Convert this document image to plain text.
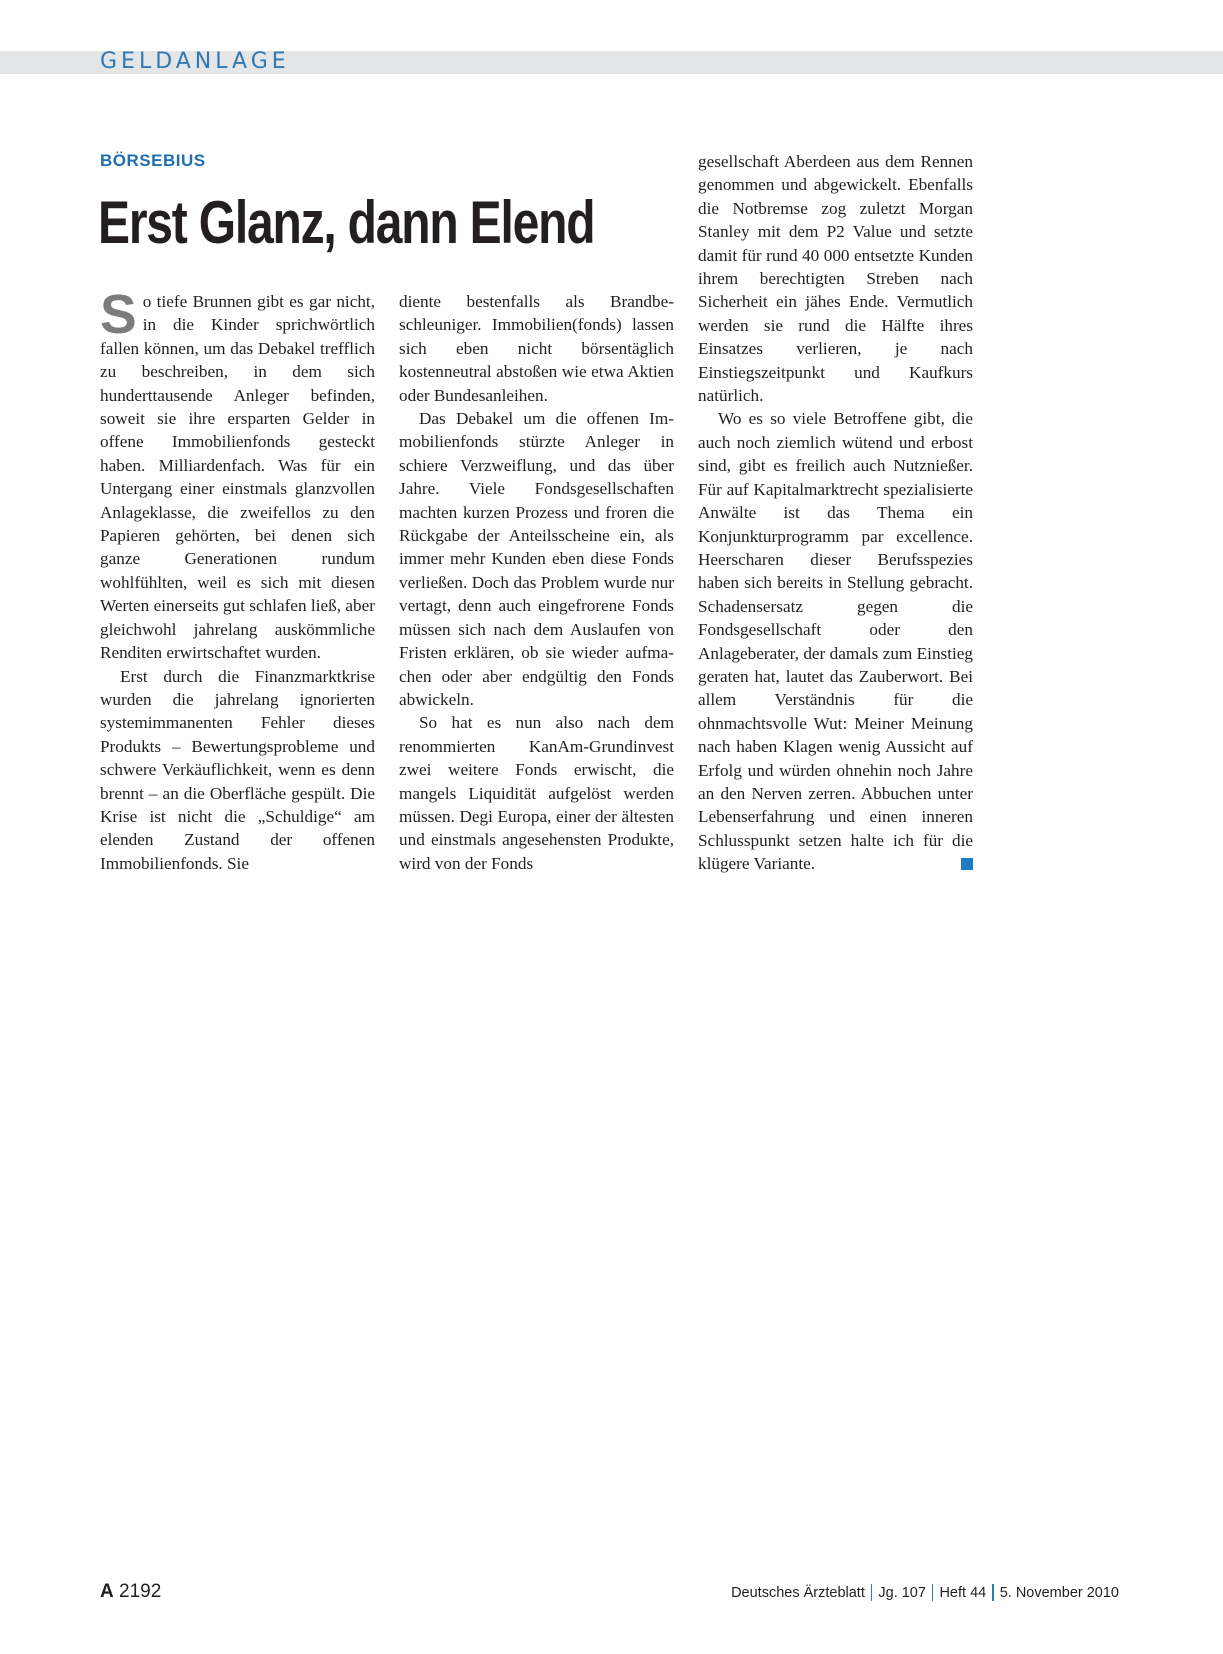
GELDANLAGE
BÖRSEBIUS
Erst Glanz, dann Elend

So tiefe Brunnen gibt es gar nicht, in die Kinder sprichwörtlich fallen können, um das Debakel trefflich zu beschreiben, in dem sich hunderttausende Anleger befinden, soweit sie ihre ersparten Gelder in offene Immobilienfonds gesteckt haben. Milliardenfach. Was für ein Untergang einer einstmals glanzvollen Anlageklasse, die zweifellos zu den Papieren gehörten, bei denen sich ganze Generationen rundum wohlfühlten, weil es sich mit diesen Werten einerseits gut schlafen ließ, aber gleichwohl jahrelang auskömmliche Renditen erwirtschaftet wurden.

Erst durch die Finanzmarktkrise wurden die jahrelang ignorierten systemimmanenten Fehler dieses Produkts – Bewertungsprobleme und schwere Verkäuflichkeit, wenn es denn brennt – an die Oberfläche gespült. Die Krise ist nicht die „Schuldige“ am elenden Zustand der offenen Immobilienfonds. Sie

diente bestenfalls als Brandbeschleuniger. Immobilien(fonds) lassen sich eben nicht börsentäglich kostenneutral abstoßen wie etwa Aktien oder Bundesanleihen.

Das Debakel um die offenen Immobilienfonds stürzte Anleger in schiere Verzweiflung, und das über Jahre. Viele Fondsgesellschaften machten kurzen Prozess und froren die Rückgabe der Anteilsscheine ein, als immer mehr Kunden eben diese Fonds verließen. Doch das Problem wurde nur vertagt, denn auch eingefrorene Fonds müssen sich nach dem Auslaufen von Fristen erklären, ob sie wieder aufmachen oder aber endgültig den Fonds abwickeln.

So hat es nun also nach dem renommierten KanAm-Grundinvest zwei weitere Fonds erwischt, die mangels Liquidität aufgelöst werden müssen. Degi Europa, einer der ältesten und einstmals angesehensten Produkte, wird von der Fonds

gesellschaft Aberdeen aus dem Rennen genommen und abgewickelt. Ebenfalls die Notbremse zog zuletzt Morgan Stanley mit dem P2 Value und setzte damit für rund 40 000 entsetzte Kunden ihrem berechtigten Streben nach Sicherheit ein jähes Ende. Vermutlich werden sie rund die Hälfte ihres Einsatzes verlieren, je nach Einstiegszeitpunkt und Kaufkurs natürlich.

Wo es so viele Betroffene gibt, die auch noch ziemlich wütend und erbost sind, gibt es freilich auch Nutznießer. Für auf Kapitalmarktrecht spezialisierte Anwälte ist das Thema ein Konjunkturprogramm par excellence. Heerscharen dieser Berufsspezies haben sich bereits in Stellung gebracht. Schadensersatz gegen die Fondsgesellschaft oder den Anlageberater, der damals zum Einstieg geraten hat, lautet das Zauberwort. Bei allem Verständnis für die ohnmachtsvolle Wut: Meiner Meinung nach haben Klagen wenig Aussicht auf Erfolg und würden ohnehin noch Jahre an den Nerven zerren. Abbuchen unter Lebenserfahrung und einen inneren Schlusspunkt setzen halte ich für die klügere Variante.

A 2192	Deutsches Ärzteblatt Jg. 107 Heft 44 5. November 2010
